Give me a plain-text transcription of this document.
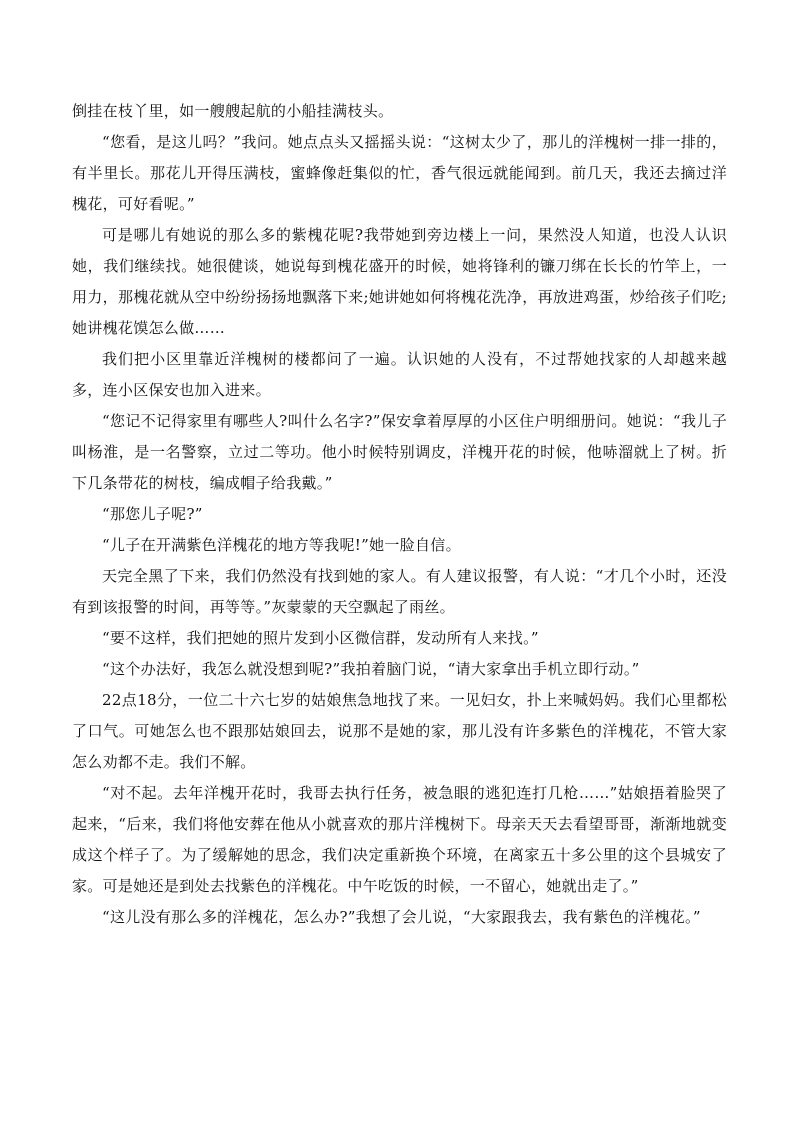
倒挂在枝丫里，如一艘艘起航的小船挂满枝头。

“您看，是这儿吗？”我问。她点点头又摇摇头说：“这树太少了，那儿的洋槐树一排一排的，有半里长。那花儿开得压满枝，蜜蜂像赶集似的忙，香气很远就能闻到。前几天，我还去摘过洋槐花，可好看呢。”

可是哪儿有她说的那么多的紫槐花呢?我带她到旁边楼上一问，果然没人知道，也没人认识她，我们继续找。她很健谈，她说每到槐花盛开的时候，她将锋利的镰刀绑在长长的竹竿上，一用力，那槐花就从空中纷纷扬扬地飘落下来;她讲她如何将槐花洗净，再放进鸡蛋，炒给孩子们吃;她讲槐花馍怎么做……

我们把小区里靠近洋槐树的楼都问了一遍。认识她的人没有，不过帮她找家的人却越来越多，连小区保安也加入进来。

“您记不记得家里有哪些人?叫什么名字?”保安拿着厚厚的小区住户明细册问。她说：“我儿子叫杨淮，是一名警察，立过二等功。他小时候特别调皮，洋槐开花的时候，他哧溜就上了树。折下几条带花的树枝，编成帽子给我戴。”

“那您儿子呢?”

“儿子在开满紫色洋槐花的地方等我呢!”她一脸自信。

天完全黑了下来，我们仍然没有找到她的家人。有人建议报警，有人说：“才几个小时，还没有到该报警的时间，再等等。”灰蒙蒙的天空飘起了雨丝。

“要不这样，我们把她的照片发到小区微信群，发动所有人来找。”

“这个办法好，我怎么就没想到呢?”我拍着脑门说，“请大家拿出手机立即行动。”

22点18分，一位二十六七岁的姑娘焦急地找了来。一见妇女，扑上来喊妈妈。我们心里都松了口气。可她怎么也不跟那姑娘回去，说那不是她的家，那儿没有许多紫色的洋槐花，不管大家怎么劝都不走。我们不解。

“对不起。去年洋槐开花时，我哥去执行任务，被急眼的逃犯连打几枪……”姑娘捂着脸哭了起来，“后来，我们将他安葬在他从小就喜欢的那片洋槐树下。母亲天天去看望哥哥，渐渐地就变成这个样子了。为了缓解她的思念，我们决定重新换个环境，在离家五十多公里的这个县城安了家。可是她还是到处去找紫色的洋槐花。中午吃饭的时候，一不留心，她就出走了。”

“这儿没有那么多的洋槐花，怎么办?”我想了会儿说，“大家跟我去，我有紫色的洋槐花。”
